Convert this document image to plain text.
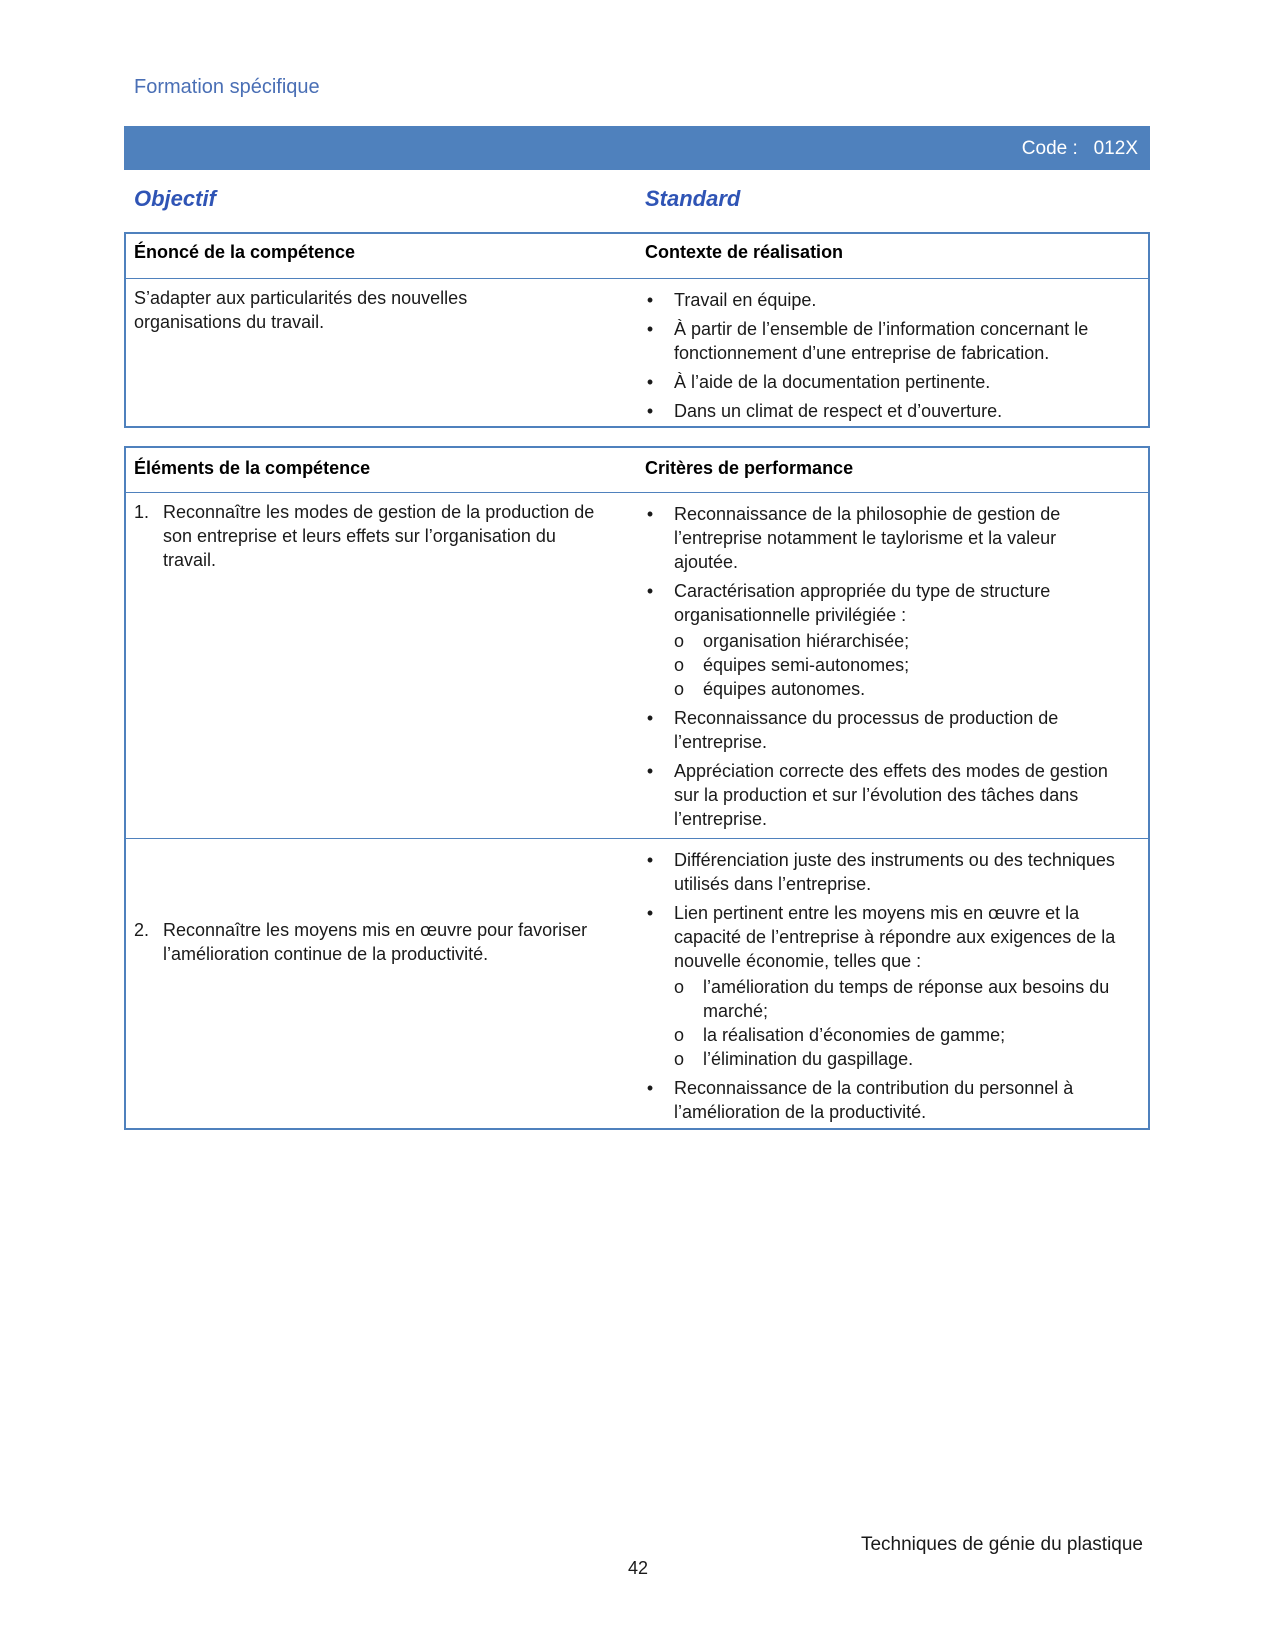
Formation spécifique
Code :   012X
Objectif	Standard
Énoncé de la compétence	Contexte de réalisation
S’adapter aux particularités des nouvelles organisations du travail.
• Travail en équipe.
• À partir de l’ensemble de l’information concernant le fonctionnement d’une entreprise de fabrication.
• À l’aide de la documentation pertinente.
• Dans un climat de respect et d’ouverture.
Éléments de la compétence	Critères de performance
1. Reconnaître les modes de gestion de la production de son entreprise et leurs effets sur l’organisation du travail.
• Reconnaissance de la philosophie de gestion de l’entreprise notamment le taylorisme et la valeur ajoutée.
• Caractérisation appropriée du type de structure organisationnelle privilégiée :
o organisation hiérarchisée;
o équipes semi-autonomes;
o équipes autonomes.
• Reconnaissance du processus de production de l’entreprise.
• Appréciation correcte des effets des modes de gestion sur la production et sur l’évolution des tâches dans l’entreprise.
2. Reconnaître les moyens mis en œuvre pour favoriser l’amélioration continue de la productivité.
• Différenciation juste des instruments ou des techniques utilisés dans l’entreprise.
• Lien pertinent entre les moyens mis en œuvre et la capacité de l’entreprise à répondre aux exigences de la nouvelle économie, telles que :
o l’amélioration du temps de réponse aux besoins du marché;
o la réalisation d’économies de gamme;
o l’élimination du gaspillage.
• Reconnaissance de la contribution du personnel à l’amélioration de la productivité.
Techniques de génie du plastique
42
